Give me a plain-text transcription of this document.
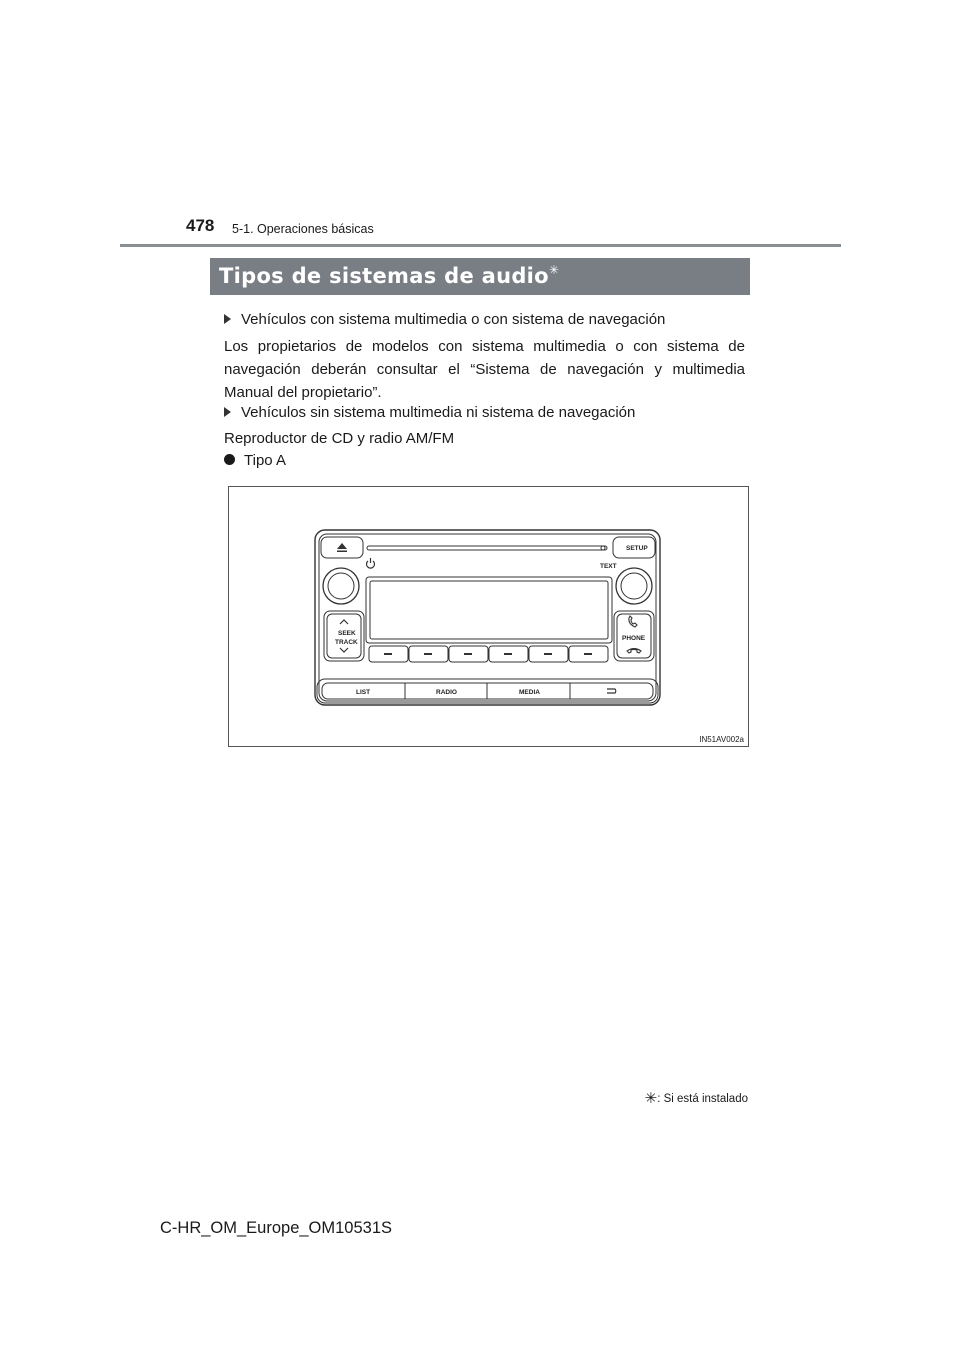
478 5-1. Operaciones básicas
Tipos de sistemas de audio✳
Vehículos con sistema multimedia o con sistema de navegación
Los propietarios de modelos con sistema multimedia o con sistema de navegación deberán consultar el “Sistema de navegación y multimedia Manual del propietario”.
Vehículos sin sistema multimedia ni sistema de navegación
Reproductor de CD y radio AM/FM
Tipo A
SETUP
TEXT
SEEK
TRACK
PHONE
LIST	RADIO	MEDIA
IN51AV002a
✳: Si está instalado
C-HR_OM_Europe_OM10531S
